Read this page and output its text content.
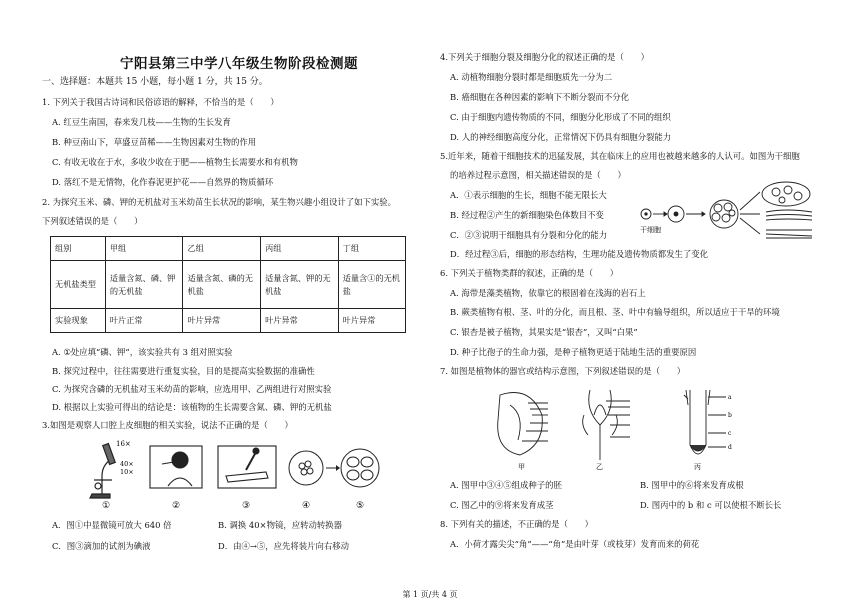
宁阳县第三中学八年级生物阶段检测题
一、选择题：本题共 15 小题，每小题 1 分，共 15 分。
1. 下列关于我国古诗词和民俗谚语的解释，不恰当的是（　　）
A. 红豆生南国，春来发几枝——生物的生长发育
B. 种豆南山下，草盛豆苗稀——生物因素对生物的作用
C. 有收无收在于水，多收少收在于肥——植物生长需要水和有机物
D. 落红不是无情物，化作春泥更护花——自然界的物质循环
2. 为探究玉米、磷、钾的无机盐对玉米幼苗生长状况的影响，某生物兴趣小组设计了如下实验。
下列叙述错误的是（　　）
组别	甲组	乙组	丙组	丁组
无机盐类型	适量含氮、磷、钾的无机盐	适量含氮、磷的无机盐	适量含氮、钾的无机盐	适量含①的无机盐
实验现象	叶片正常	叶片异常	叶片异常	叶片异常
A. ①处应填“磷、钾”，该实验共有 3 组对照实验
B. 探究过程中，往往需要进行重复实验，目的是提高实验数据的准确性
C. 为探究含磷的无机盐对玉米幼苗的影响，应选用甲、乙两组进行对照实验
D. 根据以上实验可得出的结论是：该植物的生长需要含氮、磷、钾的无机盐
3.如图是观察人口腔上皮细胞的相关实验，说法不正确的是（　　）
16×
40×
10×
①	②	③	④	⑤
A．图①中显微镜可放大 640 倍	B. 调换 40×物镜，应转动转换器
C．图③滴加的试剂为碘液	D．由④→⑤，应先将装片向右移动
4.下列关于细胞分裂及细胞分化的叙述正确的是（　　）
A. 动植物细胞分裂时都是细胞质先一分为二
B. 癌细胞在各种因素的影响下不断分裂而不分化
C. 由于细胞内遗传物质的不同，细胞分化形成了不同的组织
D. 人的神经细胞高度分化，正常情况下仍具有细胞分裂能力
5.近年来，随着干细胞技术的迅猛发展，其在临床上的应用也被越来越多的人认可。如图为干细胞
的培养过程示意图，相关描述错误的是（　　）
A．①表示细胞的生长，细胞不能无限长大
B. 经过程②产生的新细胞染色体数目不变
C．②③说明干细胞具有分裂和分化的能力
D．经过程③后，细胞的形态结构，生理功能及遗传物质都发生了变化
干细胞
6. 下列关于植物类群的叙述，正确的是（　　）
A. 海带是藻类植物，依靠它的根固着在浅海的岩石上
B. 蕨类植物有根、茎、叶的分化，而且根、茎、叶中有输导组织，所以适应于干旱的环境
C. 银杏是被子植物，其果实是“银杏”，又叫“白果”
D. 种子比孢子的生命力强，是种子植物更适于陆地生活的重要原因
7. 如图是植物体的器官或结构示意图，下列叙述错误的是（　　）
a
b
c
d
甲	乙	丙
A. 图甲中③④⑤组成种子的胚	B. 图甲中的⑥将来发育成根
C. 图乙中的⑨将来发育成茎	D. 图丙中的 b 和 c 可以使根不断长长
8. 下列有关的描述，不正确的是（　　）
A．小荷才露尖尖“角”——“角”是由叶芽（或枝芽）发育而来的荷花
第 1 页/共 4 页
